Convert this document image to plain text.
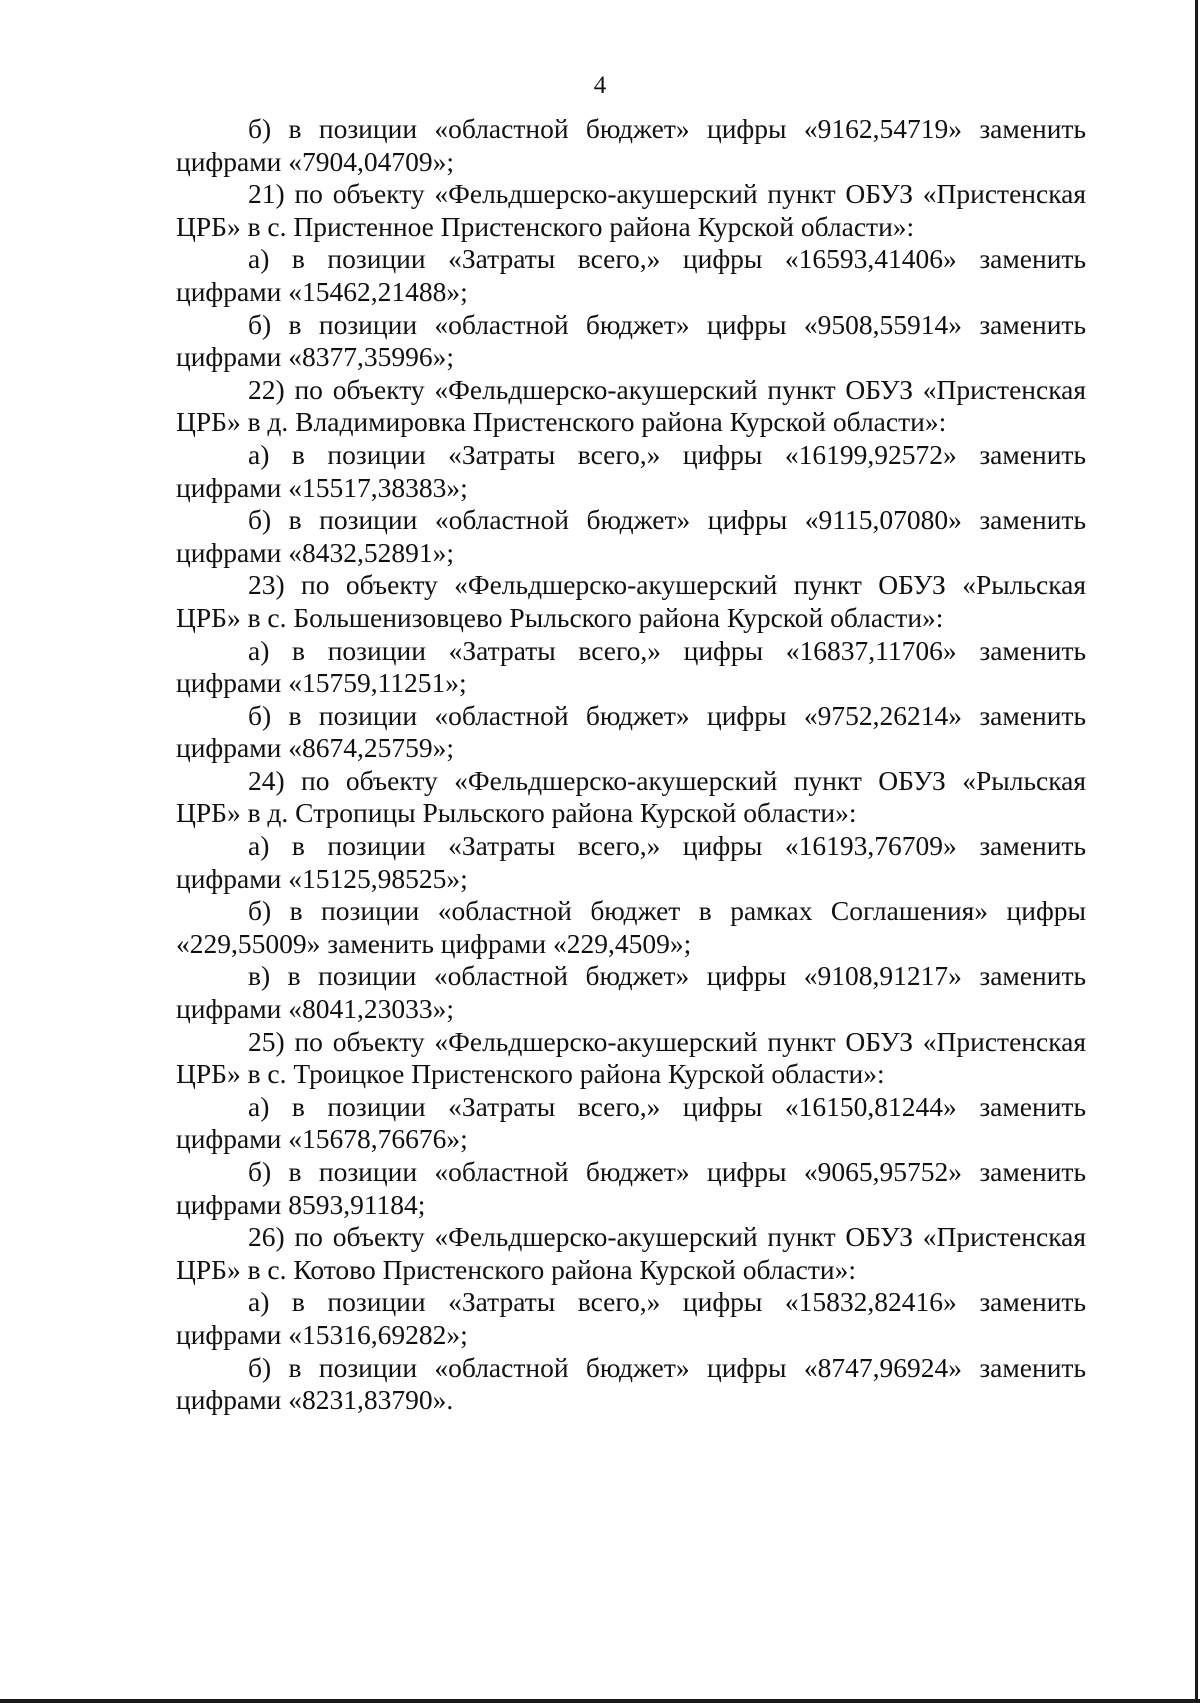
4

б) в позиции «областной бюджет» цифры «9162,54719» заменить цифрами «7904,04709»;

21) по объекту «Фельдшерско-акушерский пункт ОБУЗ «Пристенская ЦРБ» в с. Пристенное Пристенского района Курской области»:

а) в позиции «Затраты всего,» цифры «16593,41406» заменить цифрами «15462,21488»;

б) в позиции «областной бюджет» цифры «9508,55914» заменить цифрами «8377,35996»;

22) по объекту «Фельдшерско-акушерский пункт ОБУЗ «Пристенская ЦРБ» в д. Владимировка Пристенского района Курской области»:

а) в позиции «Затраты всего,» цифры «16199,92572» заменить цифрами «15517,38383»;

б) в позиции «областной бюджет» цифры «9115,07080» заменить цифрами «8432,52891»;

23) по объекту «Фельдшерско-акушерский пункт ОБУЗ «Рыльская ЦРБ» в с. Большенизовцево Рыльского района Курской области»:

а) в позиции «Затраты всего,» цифры «16837,11706» заменить цифрами «15759,11251»;

б) в позиции «областной бюджет» цифры «9752,26214» заменить цифрами «8674,25759»;

24) по объекту «Фельдшерско-акушерский пункт ОБУЗ «Рыльская ЦРБ» в д. Стропицы Рыльского района Курской области»:

а) в позиции «Затраты всего,» цифры «16193,76709» заменить цифрами «15125,98525»;

б) в позиции «областной бюджет в рамках Соглашения» цифры «229,55009» заменить цифрами «229,4509»;

в) в позиции «областной бюджет» цифры «9108,91217» заменить цифрами «8041,23033»;

25) по объекту «Фельдшерско-акушерский пункт ОБУЗ «Пристенская ЦРБ» в с. Троицкое Пристенского района Курской области»:

а) в позиции «Затраты всего,» цифры «16150,81244» заменить цифрами «15678,76676»;

б) в позиции «областной бюджет» цифры «9065,95752» заменить цифрами 8593,91184;

26) по объекту «Фельдшерско-акушерский пункт ОБУЗ «Пристенская ЦРБ» в с. Котово Пристенского района Курской области»:

а) в позиции «Затраты всего,» цифры «15832,82416» заменить цифрами «15316,69282»;

б) в позиции «областной бюджет» цифры «8747,96924» заменить цифрами «8231,83790».
